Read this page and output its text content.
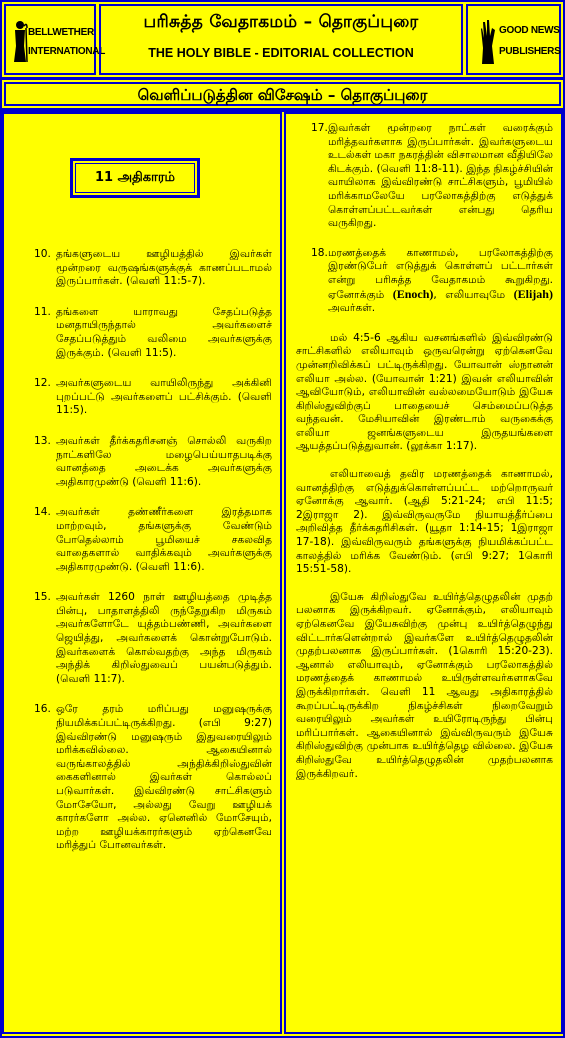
BELLWETHER
INTERNATIONAL
பரிசுத்த வேதாகமம் – தொகுப்புரை
THE HOLY BIBLE - EDITORIAL COLLECTION
GOOD NEWS
PUBLISHERS
வெளிப்படுத்தின விசேஷம் – தொகுப்புரை
11 அதிகாரம்
10. தங்களுடைய ஊழியத்தில் இவர்கள் மூன்றரை வருஷங்களுக்குக் காணப்படாமல் இருப்பார்கள். (வெளி 11:5-7).
11. தங்களை யாராவது சேதப்படுத்த மனதாயிருந்தால் அவர்களைச் சேதப்படுத்தும் வலிமை அவர்களுக்கு இருக்கும். (வெளி 11:5).
12. அவர்களுடைய வாயிலிருந்து அக்கினி புறப்பட்டு அவர்களைப் பட்சிக்கும். (வெளி 11:5).
13. அவர்கள் தீர்க்கதரிசனஞ் சொல்லி வருகிற நாட்களிலே மழைபெய்யாதபடிக்கு வானத்தை அடைக்க அவர்களுக்கு அதிகாரமுண்டு (வெளி 11:6).
14. அவர்கள் தண்ணீர்களை இரத்தமாக மாற்றவும், தங்களுக்கு வேண்டும் போதெல்லாம் பூமியைச் சகலவித வாதைகளால் வாதிக்கவும் அவர்களுக்கு அதிகாரமுண்டு. (வெளி 11:6).
15. அவர்கள் 1260 நாள் ஊழியத்தை முடித்த பின்பு, பாதாளத்திலி ருந்தேறுகிற மிருகம் அவர்களோடே யுத்தம்பண்ணி, அவர்களை ஜெயித்து, அவர்களைக் கொன்றுபோடும். இவர்களைக் கொல்வதற்கு அந்த மிருகம் அந்திக் கிறிஸ்துவைப் பயன்படுத்தும். (வெளி 11:7).
16. ஒரே தரம் மரிப்பது மனுஷருக்கு நியமிக்கப்பட்டிருக்கிறது. (எபி 9:27) இவ்விரண்டு மனுஷரும் இதுவரையிலும் மரிக்கவில்லை. ஆகையினால் வருங்காலத்தில் அந்திக்கிறிஸ்துவின் கைகளினால் இவர்கள் கொல்லப் படுவார்கள். இவ்விரண்டு சாட்சிகளும் மோசேயோ, அல்லது வேறு ஊழியக் காரர்களோ அல்ல. ஏனெனில் மோசேயும், மற்ற ஊழியக்காரர்களும் ஏற்கெனவே மரித்துப் போனவர்கள்.
17. இவர்கள் மூன்றரை நாட்கள் வரைக்கும் மரித்தவர்களாக இருப்பார்கள். இவர்களுடைய உடல்கள் மகா நகரத்தின் விசாலமான வீதியிலே கிடக்கும். (வெளி 11:8-11). இந்த நிகழ்ச்சியின் வாயிலாக இவ்விரண்டு சாட்சிகளும், பூமியில் மரிக்காமலேயே பரலோகத்திற்கு எடுத்துக் கொள்ளப்பட்டவர்கள் என்பது தெரிய வருகிறது.
18. மரணத்தைக் காணாமல், பரலோகத்திற்கு இரண்டுபேர் எடுத்துக் கொள்ளப் பட்டார்கள் என்று பரிசுத்த வேதாகமம் கூறுகிறது. ஏனோக்கும் (Enoch), எலியாவுமே (Elijah) அவர்கள்.
மல் 4:5-6 ஆகிய வசனங்களில் இவ்விரண்டு சாட்சிகளில் எலியாவும் ஒருவரென்று ஏற்கெனவே முன்னறிவிக்கப் பட்டிருக்கிறது. யோவான் ஸ்நானன் எலியா அல்ல. (யோவான் 1:21) இவன் எலியாவின் ஆவியோடும், எலியாவின் வல்லமையோடும் இயேசு கிறிஸ்துவிற்குப் பாதையைச் செம்மைப்படுத்த வந்தவன். மேசியாவின் இரண்டாம் வருகைக்கு எலியா ஜனங்களுடைய இருதயங்களை ஆயத்தப்படுத்துவான். (லூக்கா 1:17).
எலியாவைத் தவிர மரணத்தைக் காணாமல், வானத்திற்கு எடுத்துக்கொள்ளப்பட்ட மற்றொருவர் ஏனோக்கு ஆவார். (ஆதி 5:21-24; எபி 11:5; 2இராஜா 2). இவ்விருவருமே நியாயத்தீர்ப்பை அறிவித்த தீர்க்கதரிசிகள். (யூதா 1:14-15; 1இராஜா 17-18). இவ்விருவரும் தங்களுக்கு நியமிக்கப்பட்ட காலத்தில் மரிக்க வேண்டும். (எபி 9:27; 1கொரி 15:51-58).
இயேசு கிறிஸ்துவே உயிர்த்தெழுதலின் முதற் பலனாக இருக்கிறவர். ஏனோக்கும், எலியாவும் ஏற்கெனவே இயேசுவிற்கு முன்பு உயிர்த்தெழுந்து விட்டார்களென்றால் இவர்களே உயிர்த்தெழுதலின் முதற்பலனாக இருப்பார்கள். (1கொரி 15:20-23). ஆனால் எலியாவும், ஏனோக்கும் பரலோகத்தில் மரணத்தைக் காணாமல் உயிருள்ளவர்களாகவே இருக்கிறார்கள். வெளி 11 ஆவது அதிகாரத்தில் கூறப்பட்டிருக்கிற நிகழ்ச்சிகள் நிறைவேறும் வரையிலும் அவர்கள் உயிரோடிருந்து பின்பு மரிப்பார்கள். ஆகையினால் இவ்விருவரும் இயேசு கிறிஸ்துவிற்கு முன்பாக உயிர்த்தெழ வில்லை. இயேசு கிறிஸ்துவே உயிர்த்தெழுதலின் முதற்பலனாக இருக்கிறவர்.
